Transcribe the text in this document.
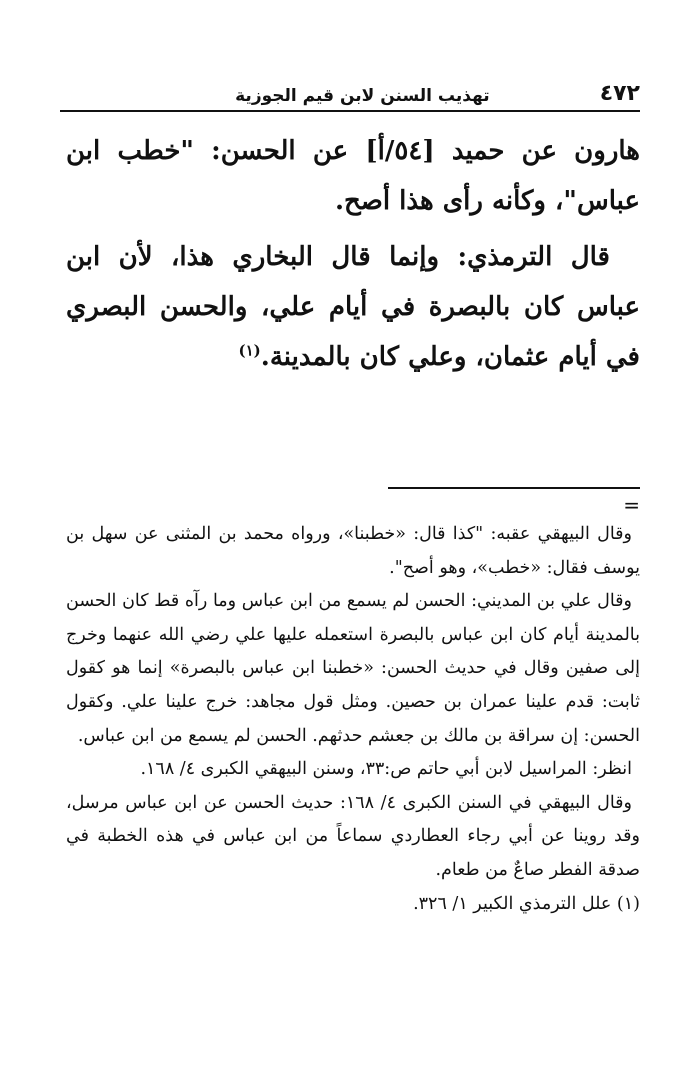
٤٧٢
تهذيب السنن لابن قيم الجوزية

هارون عن حميد [٥٤/أ] عن الحسن: "خطب ابن عباس"، وكأنه رأى هذا أصح.

قال الترمذي: وإنما قال البخاري هذا، لأن ابن عباس كان بالبصرة في أيام علي، والحسن البصري في أيام عثمان، وعلي كان بالمدينة.$^{(١)}$

=

وقال البيهقي عقبه: "كذا قال: «خطبنا»، ورواه محمد بن المثنى عن سهل بن يوسف فقال: «خطب»، وهو أصح".

وقال علي بن المديني: الحسن لم يسمع من ابن عباس وما رآه قط كان الحسن بالمدينة أيام كان ابن عباس بالبصرة استعمله عليها علي رضي الله عنهما وخرج إلى صفين وقال في حديث الحسن: «خطبنا ابن عباس بالبصرة» إنما هو كقول ثابت: قدم علينا عمران بن حصين. ومثل قول مجاهد: خرج علينا علي. وكقول الحسن: إن سراقة بن مالك بن جعشم حدثهم. الحسن لم يسمع من ابن عباس.

انظر: المراسيل لابن أبي حاتم ص:٣٣، وسنن البيهقي الكبرى ٤/ ١٦٨.

وقال البيهقي في السنن الكبرى ٤/ ١٦٨: حديث الحسن عن ابن عباس مرسل، وقد روينا عن أبي رجاء العطاردي سماعاً من ابن عباس في هذه الخطبة في صدقة الفطر صاعٌ من طعام.

(١) علل الترمذي الكبير ١/ ٣٢٦.
